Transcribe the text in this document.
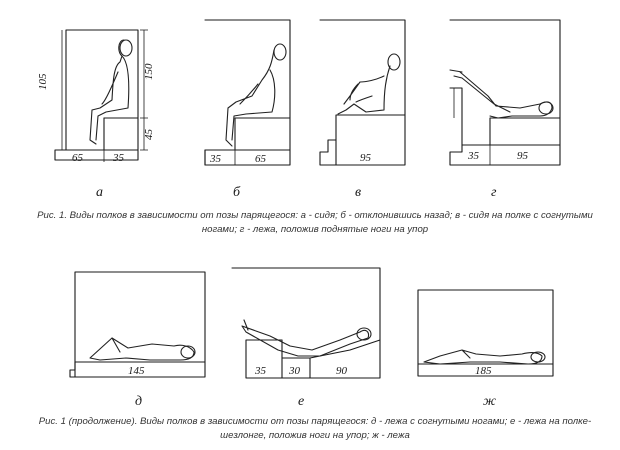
105
150
45
65	35
а
35	65
б
95
в
35	95
г
145
д
35 30	90
е
185
ж
Рис. 1. Виды полков в зависимости от позы парящегося: а - сидя; б - отклонившись назад; в - сидя на полке с согнутыми ногами; г - лежа, положив поднятые ноги на упор
Рис. 1 (продолжение). Виды полков в зависимости от позы парящегося: д - лежа с согнутыми ногами; е - лежа на полке-шезлонге, положив ноги на упор; ж - лежа
